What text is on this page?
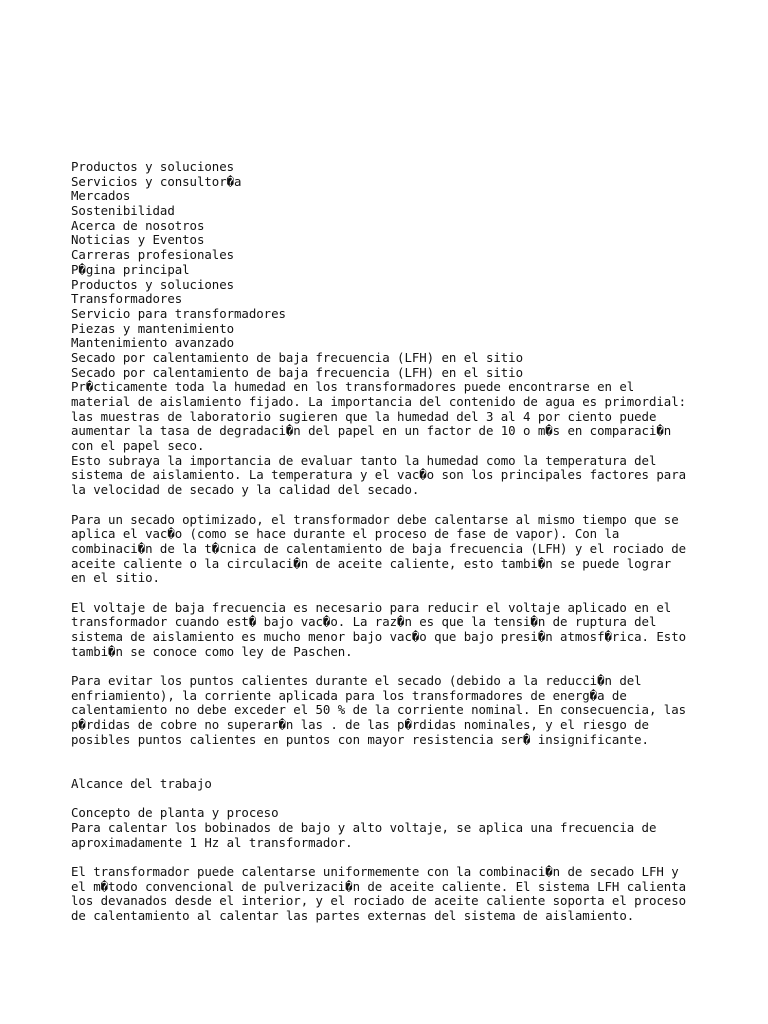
Productos y soluciones
Servicios y consultor�a
Mercados
Sostenibilidad
Acerca de nosotros
Noticias y Eventos
Carreras profesionales
P�gina principal
Productos y soluciones
Transformadores
Servicio para transformadores
Piezas y mantenimiento
Mantenimiento avanzado
Secado por calentamiento de baja frecuencia (LFH) en el sitio
Secado por calentamiento de baja frecuencia (LFH) en el sitio
Pr�cticamente toda la humedad en los transformadores puede encontrarse en el
material de aislamiento fijado. La importancia del contenido de agua es primordial:
las muestras de laboratorio sugieren que la humedad del 3 al 4 por ciento puede
aumentar la tasa de degradaci�n del papel en un factor de 10 o m�s en comparaci�n
con el papel seco.
Esto subraya la importancia de evaluar tanto la humedad como la temperatura del
sistema de aislamiento. La temperatura y el vac�o son los principales factores para
la velocidad de secado y la calidad del secado.

Para un secado optimizado, el transformador debe calentarse al mismo tiempo que se
aplica el vac�o (como se hace durante el proceso de fase de vapor). Con la
combinaci�n de la t�cnica de calentamiento de baja frecuencia (LFH) y el rociado de
aceite caliente o la circulaci�n de aceite caliente, esto tambi�n se puede lograr
en el sitio.

El voltaje de baja frecuencia es necesario para reducir el voltaje aplicado en el
transformador cuando est� bajo vac�o. La raz�n es que la tensi�n de ruptura del
sistema de aislamiento es mucho menor bajo vac�o que bajo presi�n atmosf�rica. Esto
tambi�n se conoce como ley de Paschen.

Para evitar los puntos calientes durante el secado (debido a la reducci�n del
enfriamiento), la corriente aplicada para los transformadores de energ�a de
calentamiento no debe exceder el 50 % de la corriente nominal. En consecuencia, las
p�rdidas de cobre no superar�n las . de las p�rdidas nominales, y el riesgo de
posibles puntos calientes en puntos con mayor resistencia ser� insignificante.

Alcance del trabajo

Concepto de planta y proceso
Para calentar los bobinados de bajo y alto voltaje, se aplica una frecuencia de
aproximadamente 1 Hz al transformador.

El transformador puede calentarse uniformemente con la combinaci�n de secado LFH y
el m�todo convencional de pulverizaci�n de aceite caliente. El sistema LFH calienta
los devanados desde el interior, y el rociado de aceite caliente soporta el proceso
de calentamiento al calentar las partes externas del sistema de aislamiento.
